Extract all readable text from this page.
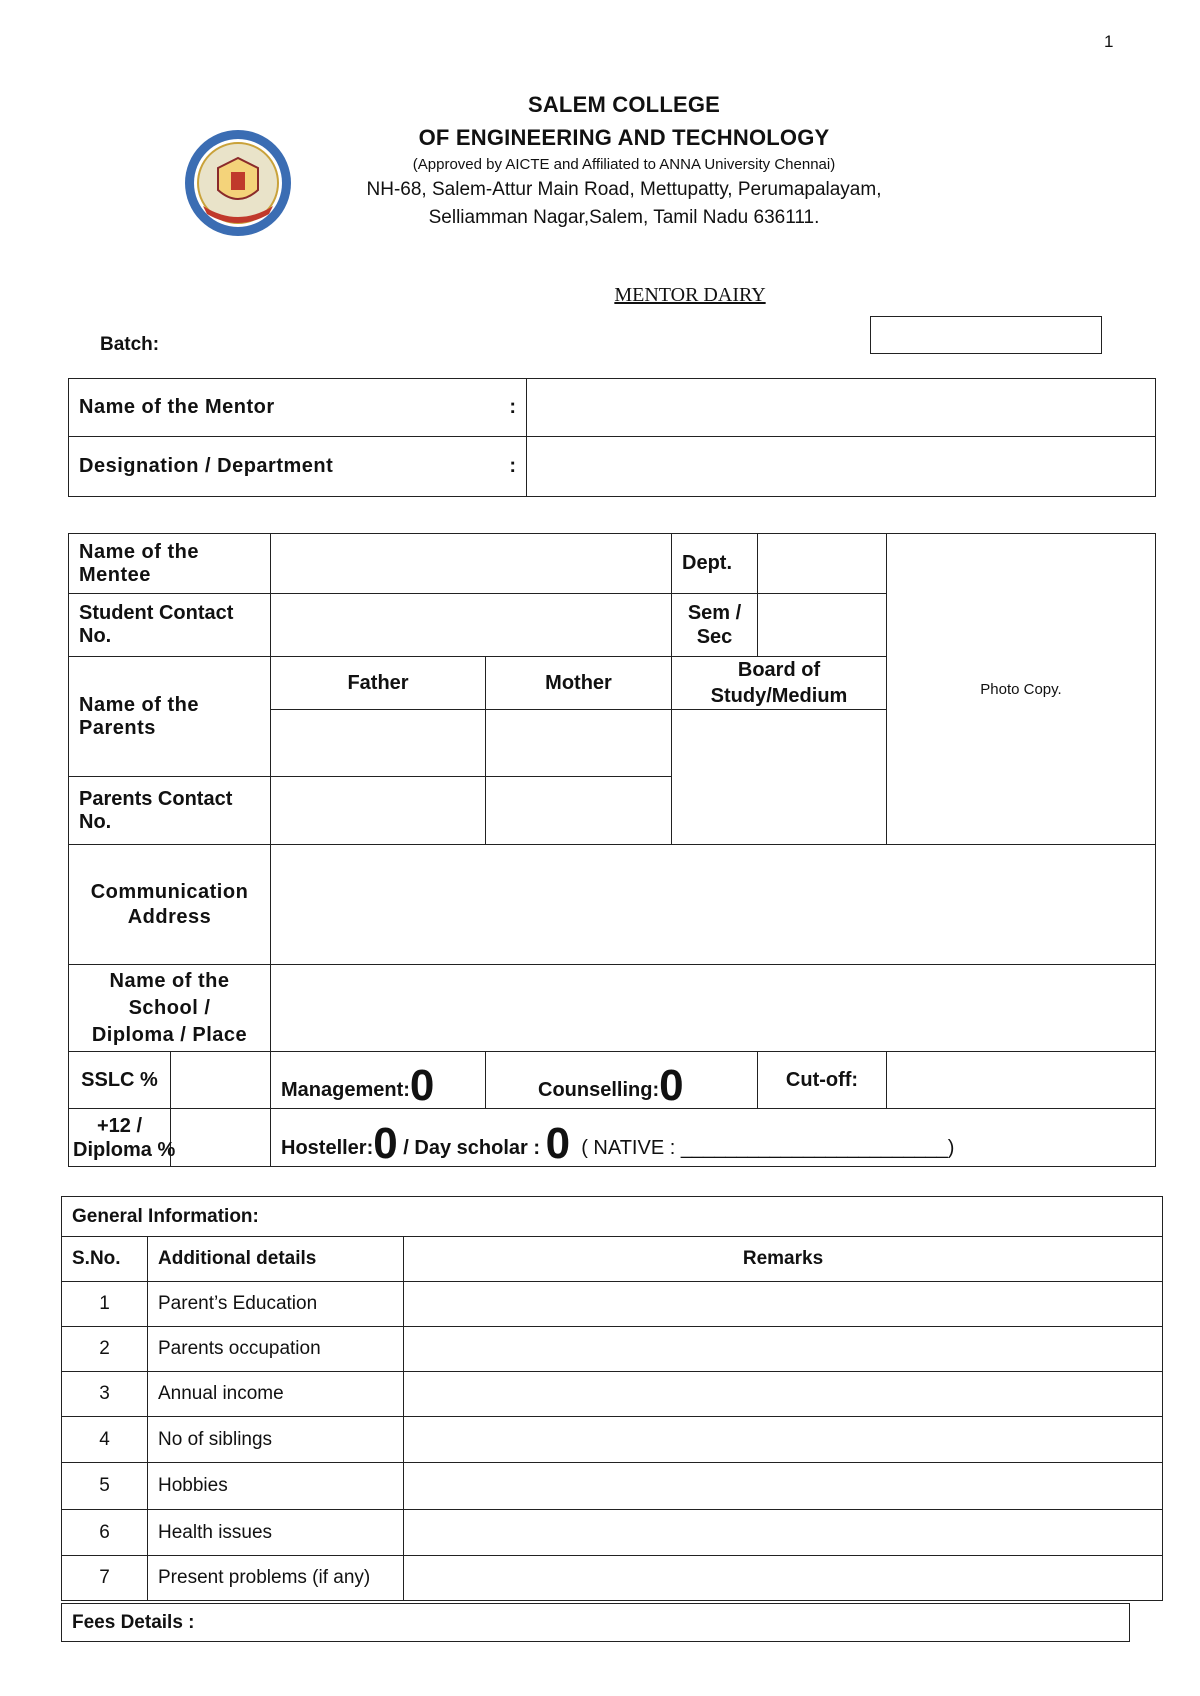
1
SALEM COLLEGE
OF ENGINEERING AND TECHNOLOGY
(Approved by AICTE and Affiliated to ANNA University Chennai)
NH-68, Salem-Attur Main Road, Mettupatty, Perumapalayam,
Selliamman Nagar,Salem, Tamil Nadu 636111.
MENTOR DAIRY
Batch:
Name of the Mentor :	

Designation / Department :	

Name of the Mentee				Dept.		Photo Copy.
Student Contact No.				Sem /
Sec		
Name of the Parents		Father	Mother	Board of
Study/Medium		

Parents Contact No.						
Communication
Address						
Name of the School /
Diploma / Place						
SSLC %		Management:0	Counselling:0		Cut-off:	
+12 /
Diploma %		Hosteller:0 / Day scholar : 0 ( NATIVE : ________________________)				
General Information:		
S.No.	Additional details	Remarks
1	Parent’s Education	
2	Parents occupation	
3	Annual income	
4	No of siblings	
5	Hobbies	
6	Health issues	
7	Present problems (if any)	
Fees Details :
